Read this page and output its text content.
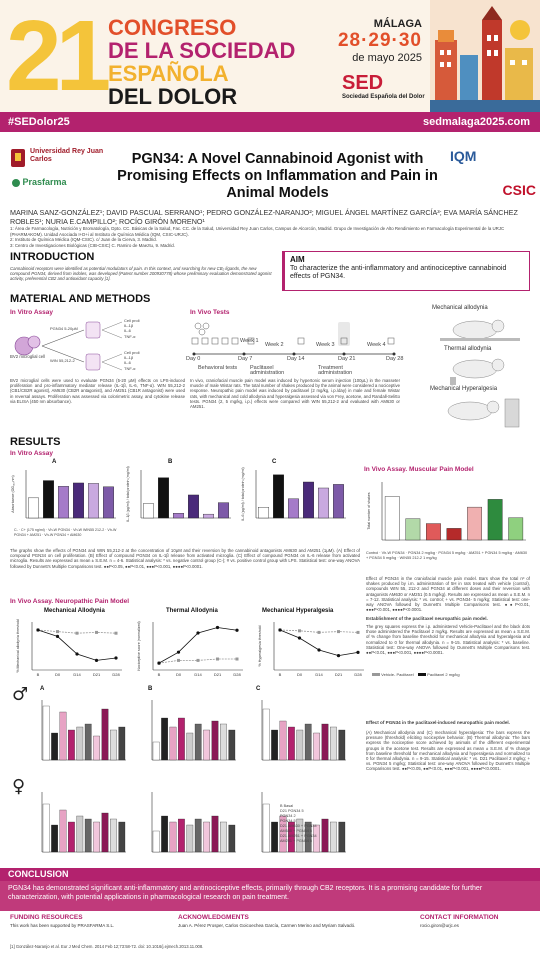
21 CONGRESO
DE LA SOCIEDAD
ESPAÑOLA
DEL DOLOR
MÁLAGA
28·29·30
de mayo 2025
SED
Sociedad Española del Dolor
#SEDolor25	sedmalaga2025.com
Universidad Rey Juan Carlos
Prasfarma
IQM
CSIC
PGN34: A Novel Cannabinoid Agonist with Promising Effects on Inflammation and Pain in Animal Models
MARINA SANZ-GONZÁLEZ¹; DAVID PASCUAL SERRANO¹; PEDRO GONZÁLEZ-NARANJO²; MIGUEL ÁNGEL MARTÍNEZ GARCÍA³; EVA MARÍA SÁNCHEZ ROBLES¹; NURIA E.CAMPILLO²; ROCÍO GIRÓN MORENO¹
1: Área de Farmacología, Nutrición y Bromatología, Dpto. CC. Básicas de la Salud, Fac. CC. de la Salud, Universidad Rey Juan Carlos, Campus de Alcorcón, Madrid. Grupo de Investigación de Alto Rendimiento en Farmacología Experimental de la URJC (PHARMAKOM). Unidad Asociada I+D+i al Instituto de Química Médica (IQM, CSIC-URJC).
2: Instituto de Química Médica (IQM-CSIC). c/ Juan de la Cierva, 3. Madrid.
3: Centro de Investigaciones Biológicas (CIB-CSIC) C. Ramiro de Maeztu, 9. Madrid.
INTRODUCTION
Cannabinoid receptors were identified as potential modulators of pain. In this context, and searching for new CB₂ ligands, the new compound PGN34, derived from indoles, was developed (Patent number 200930778) whose preliminary evaluation demonstrated agonist activity, preferential CB2 and antioxidant capacity [1].
AIM
To characterize the anti-inflammatory and antinociceptive cannabinoid effects of PGN34.
MATERIAL AND METHODS
In Vitro Assay	In Vivo Tests
BV2 microglial cell
PGN34 5-20μM
WIN 55,212-2
Cell proli
IL-1β
IL-6
TNF-α
Cell proli
IL-1β
IL-6
TNF-α
BV2 microglial cells were used to evaluate PGN34 (5-20 μM) effects on LPS-induced proliferation and pro-inflammatory mediator release (IL-1β, IL-6, TNF-α). WIN 55,212-2 (CB1/CB2R agonist), AM630 (CB2R antagonist), and AM251 (CB1R antagonist) were used in reversal assays. Proliferation was assessed via colorimetric assay, and cytokine release via ELISA (450 nm absorbance).
Week 1
Week 2	Week 3	Week 4
Day 0	Day 7	Day 14	Day 21	Day 28
Behavioral tests Paclitaxel administration
Treatment administration
In vivo, craniofacial muscle pain model was induced by hypertonic serum injection (100μL) in the masseter muscle of male Wistar rats. The total number of shakes produced by the animal were considered a nociceptive response. Neuropathic pain model was induced by paclitaxel (2 mg/kg, i.p./day) in male and female Wistar rats, with mechanical and cold allodynia and hyperalgesia assessed via von Frey, acetone, and Randall-Selitto tests. PGN34 (2, 5 mg/kg, i.p.) effects were compared with WIN 55,212-2 and evaluated with AM630 or AM251.
Mechanical allodynia
Thermal allodynia
Mechanical Hyperalgesia
RESULTS
In Vitro Assay
A	B	C
Absorbance (OD₄₅₀nm)	IL-1β (pg/ml) / total protein (mg/ml)	IL-6 (pg/ml) / total protein (mg/ml)
C- · C+ (175 ng/ml) · Vh-W PGN34 · Vh-W WIN55 212-2 · Vh-W PGN34 + AM251 · Vh-W PGN34 + AM630
The graphs show the effects of PGN34 and WIN 55,212-2 at the concentration of 10μM and their reversion by the cannabinoid antagonists AM630 and AM251 (1μM). (A) Effect of compound PGN34 on cell proliferation. (B) Effect of compound PGN34 on IL-1β release from activated microglia. (C) Effect of compound PGN34 on IL-6 release from activated microglia. Results are expressed as mean ± S.E.M. n = 4-6. Statistical analysis: * vs. negative control group (C-); # vs. positive control group with LPS. Statistical test: one-way ANOVA followed by Dunnett's Multiple Comparisons test. ●●P<0.05, ●●P<0.01, ●●●P<0.001, ●●●●P<0.0001.
In Vivo Assay. Muscular Pain Model
Total number of shakes
Control · Vh-W PGN34 · PGN34 2 mg/kg · PGN34 5 mg/kg · AM251 + PGN34 5 mg/kg · AM630 + PGN34 5 mg/kg · WIN55 212-2 1 mg/kg
Effect of PGN34 in the craniofacial muscle pain model. Bars show the total nº of shakes produced by i.m. administration of 5H in rats treated with vehicle (control), compounds WIN 55, 212-2 and PGN34 at different doses and their reversion with antagonists AM630 or AM251 (0.5 mg/kg). Results are expressed as mean ± S.E.M. n = 7-12. Statistical analysis: * vs. control; + vs. PGN34- 5 mg/kg; Statistical test: one-way ANOVA followed by Dunnett's Multiple Comparisons test. ●●P<0.01, ●●●P<0.001, ●●●●P<0.0001.
In Vivo Assay. Neuropathic Pain Model
Mechanical Allodynia	Thermal Allodynia	Mechanical Hyperalgesia
B	D0	D14	D21	D28
% Mechanical allodynia threshold
B	D0	D14	D21	D28
Nociceptive score (normalized)
B	D0	D14	D21	D28
% Hyperalgesia threshold
Establishment of the paclitaxel neuropathic pain model.
The grey squares express the i.p. administered Vehicle-Paclitaxel and the black dots those administered the Paclitaxel 2 mg/kg. Results are expressed as mean ± S.E.M. of % change from baseline threshold for mechanical allodynia and hyperalgesia and normalized to 0 for thermal allodynia. n = 9-15. Statistical analysis: * vs. baseline. Statistical test: One-way ANOVA followed by Dunnett's Multiple Comparisons test. ●●P<0.01, ●●●P<0.001, ●●●●P<0.0001.
Vehicle- Paclitaxel	Paclitaxel 2 mg/kg
♂
♀
A	B	C
Effect of PGN34 in the paclitaxel-induced neuropathic pain model.
(A) Mechanical allodynia and (C) mechanical hyperalgesia: The bars express the pressure (threshold) eliciting nociceptive behavior. (B) Thermal allodynia: The bars express the nociceptive score achieved by animals of the different experimental groups in the acetone test. Results are expressed as mean ± S.E.M. of % change from baseline threshold for mechanical allodynia and hyperalgesia and normalized to 0 for thermal allodynia. n = 9-15. Statistical analysis: * vs. D21 Paclitaxel 2 mg/kg; + vs. PGN34 5 mg/kg; Statistical test: one-way ANOVA followed by Dunnett's Multiple Comparisons test. ●●P<0.05, ●●P<0.01, ●●●P<0.001, ●●●●P<0.0001.
B Basal
D21 PGN34 5
PGN34 2
PGN34 5
D21 AM630 + PGN34
AM630 + PGN34 5
D21 AM251 + PGN34
AM251 + PGN34 5
CONCLUSION
PGN34 has demonstrated significant anti-inflammatory and antinociceptive effects, primarily through CB2 receptors. It is a promising candidate for further characterization, with potential applications in pharmacological research on pain treatment.
FUNDING RESOURCES
This work has been supported by PRASFARMA S.L.
ACKNOWLEDGMENTS
Juan A. Pérez Prosper, Carlos Goicoechea García, Carmen Merino and Myriam Salvadó.
CONTACT INFORMATION
rocio.giron@urjc.es
[1] González-Naranjo et al. Eur J Med Chem. 2014 Feb 12;73:58-72. doi: 10.1016/j.ejmech.2013.11.008.
